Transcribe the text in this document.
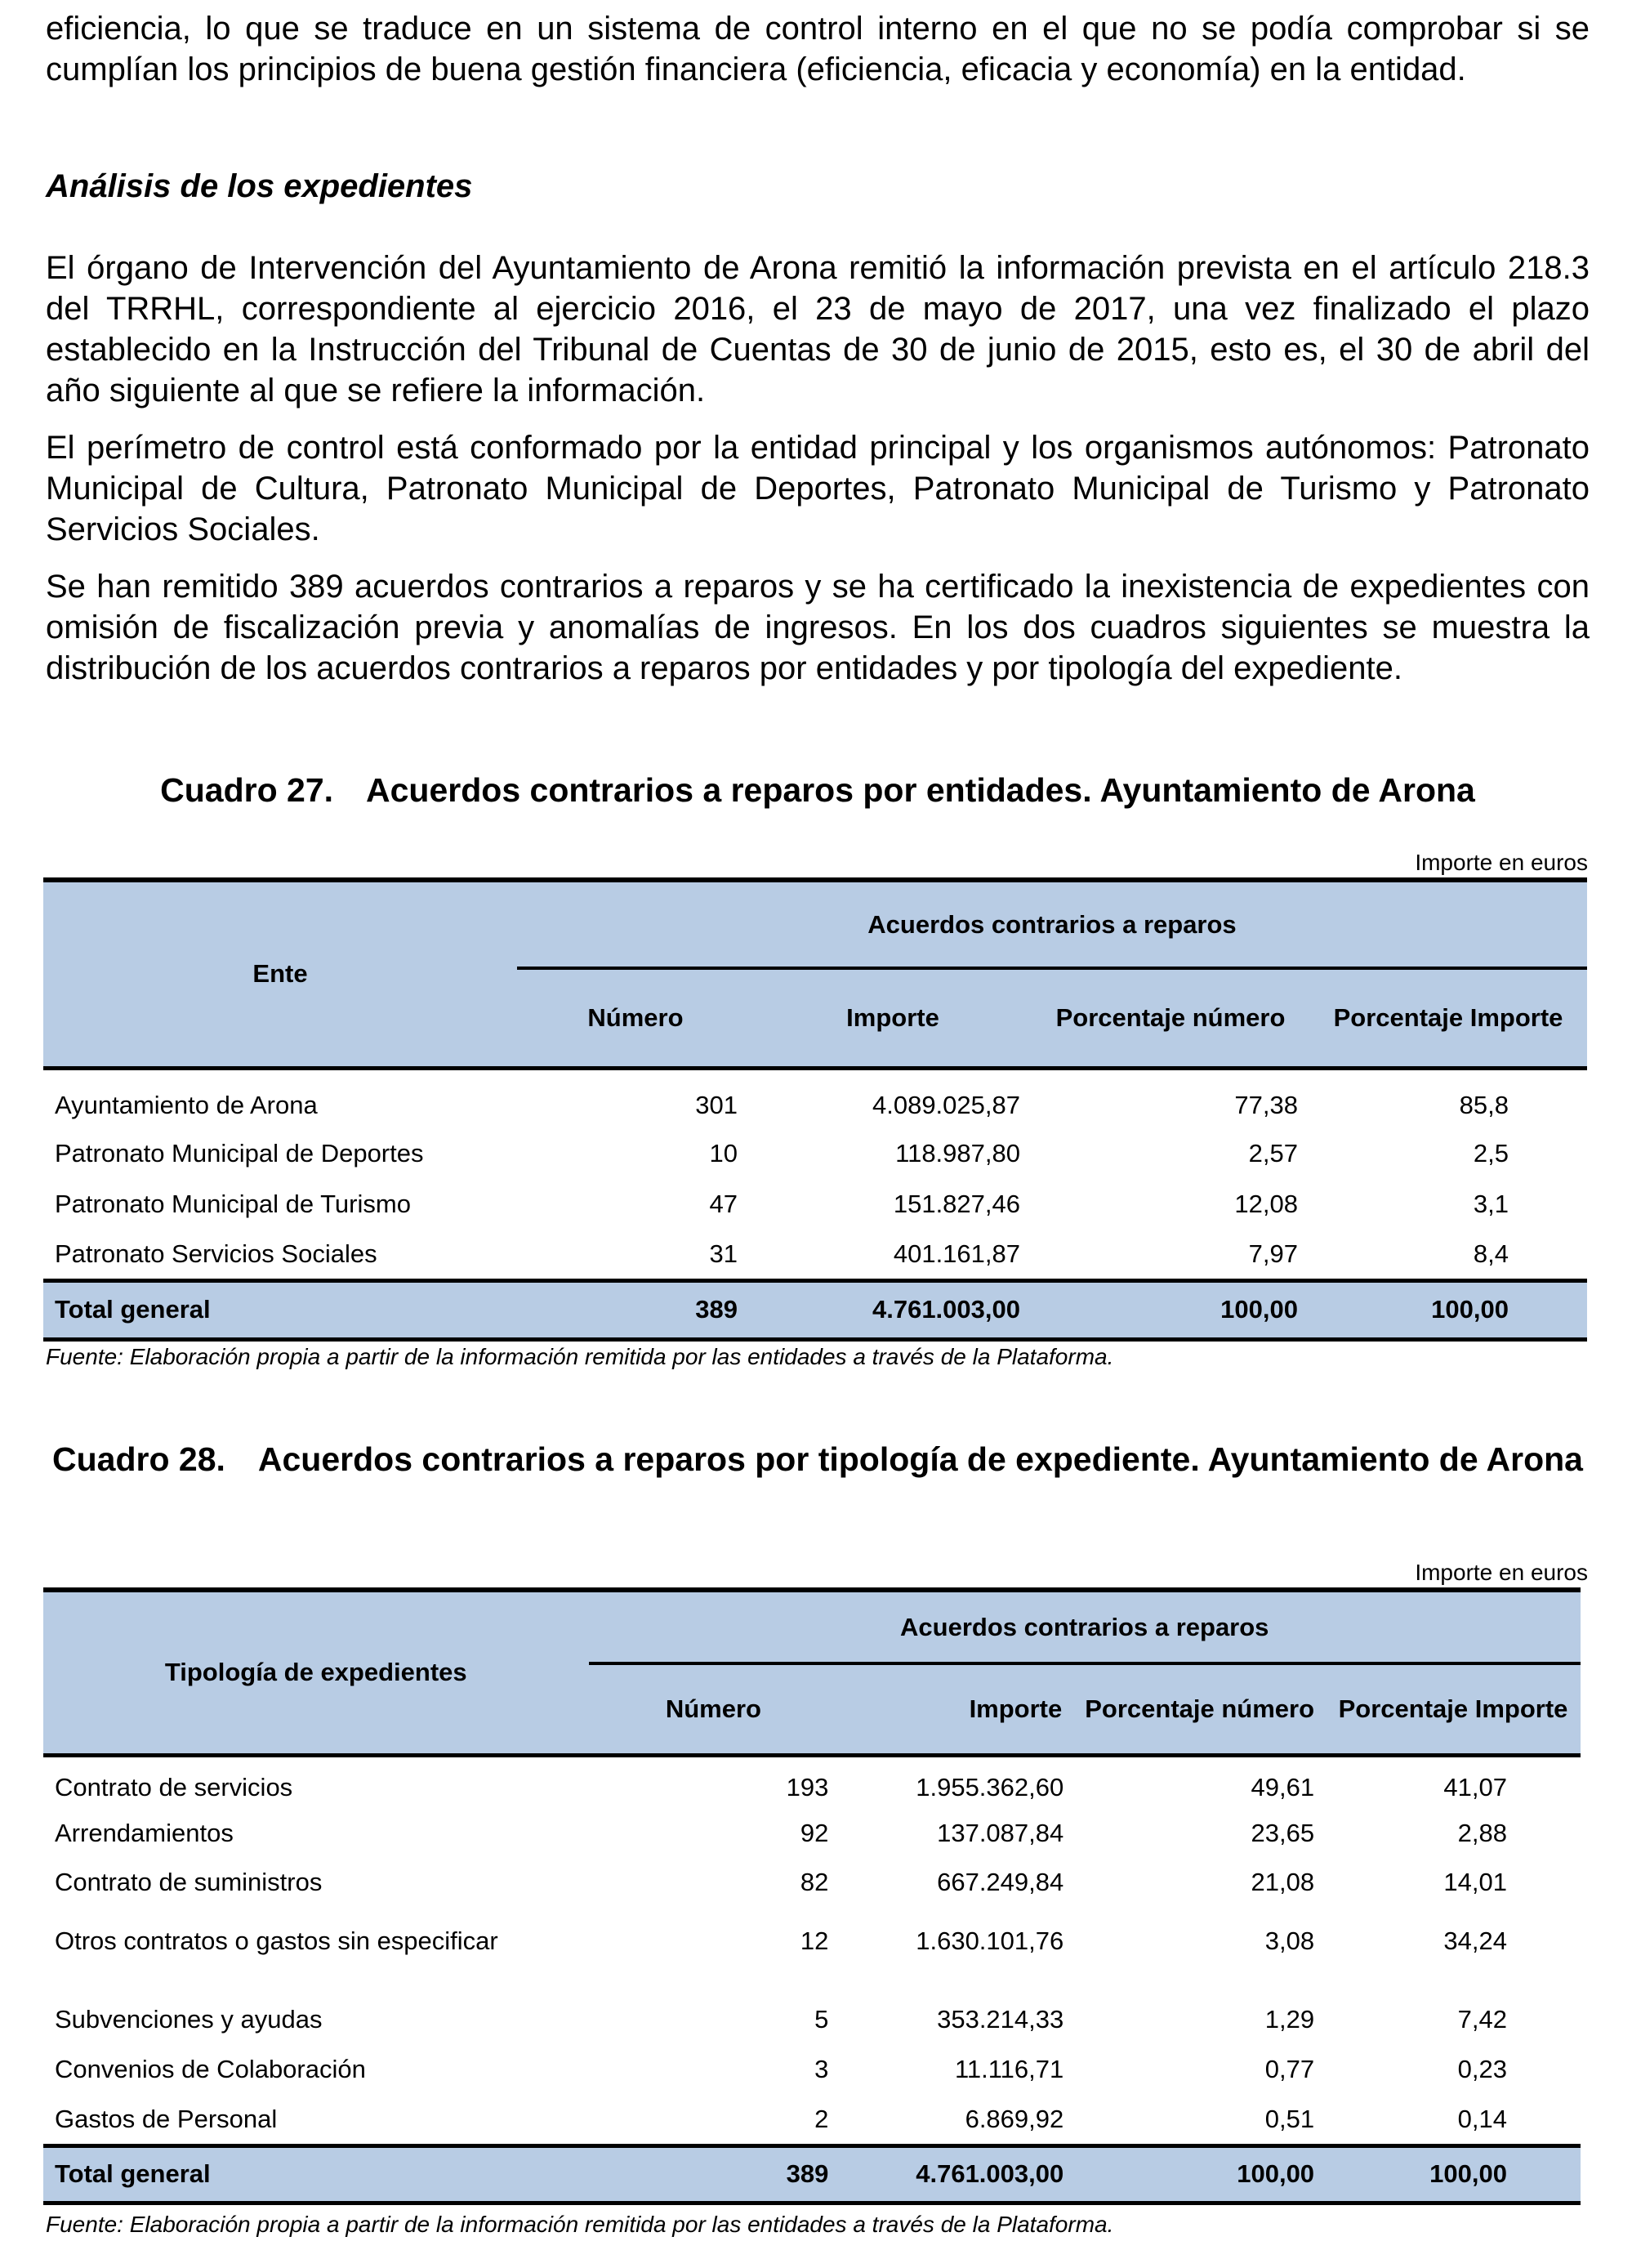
eficiencia, lo que se traduce en un sistema de control interno en el que no se podía comprobar si se cumplían los principios de buena gestión financiera (eficiencia, eficacia y economía) en la entidad.

Análisis de los expedientes

El órgano de Intervención del Ayuntamiento de Arona remitió la información prevista en el artículo 218.3 del TRRHL, correspondiente al ejercicio 2016, el 23 de mayo de 2017, una vez finalizado el plazo establecido en la Instrucción del Tribunal de Cuentas de 30 de junio de 2015, esto es, el 30 de abril del año siguiente al que se refiere la información.

El perímetro de control está conformado por la entidad principal y los organismos autónomos: Patronato Municipal de Cultura, Patronato Municipal de Deportes, Patronato Municipal de Turismo y Patronato Servicios Sociales.

Se han remitido 389 acuerdos contrarios a reparos y se ha certificado la inexistencia de expedientes con omisión de fiscalización previa y anomalías de ingresos. En los dos cuadros siguientes se muestra la distribución de los acuerdos contrarios a reparos por entidades y por tipología del expediente.

Cuadro 27. Acuerdos contrarios a reparos por entidades. Ayuntamiento de Arona

Importe en euros
Ente	Acuerdos contrarios a reparos			
	Número	Importe	Porcentaje número	Porcentaje Importe
Ayuntamiento de Arona	301	4.089.025,87	77,38	85,8
Patronato Municipal de Deportes	10	118.987,80	2,57	2,5
Patronato Municipal de Turismo	47	151.827,46	12,08	3,1
Patronato Servicios Sociales	31	401.161,87	7,97	8,4
Total general	389	4.761.003,00	100,00	100,00
Fuente: Elaboración propia a partir de la información remitida por las entidades a través de la Plataforma.

Cuadro 28. Acuerdos contrarios a reparos por tipología de expediente. Ayuntamiento de Arona

Importe en euros
Tipología de expedientes	Acuerdos contrarios a reparos			
	Número	Importe	Porcentaje número	Porcentaje Importe
Contrato de servicios	193	1.955.362,60	49,61	41,07
Arrendamientos	92	137.087,84	23,65	2,88
Contrato de suministros	82	667.249,84	21,08	14,01
Otros contratos o gastos sin especificar	12	1.630.101,76	3,08	34,24
Subvenciones y ayudas	5	353.214,33	1,29	7,42
Convenios de Colaboración	3	11.116,71	0,77	0,23
Gastos de Personal	2	6.869,92	0,51	0,14
Total general	389	4.761.003,00	100,00	100,00
Fuente: Elaboración propia a partir de la información remitida por las entidades a través de la Plataforma.
